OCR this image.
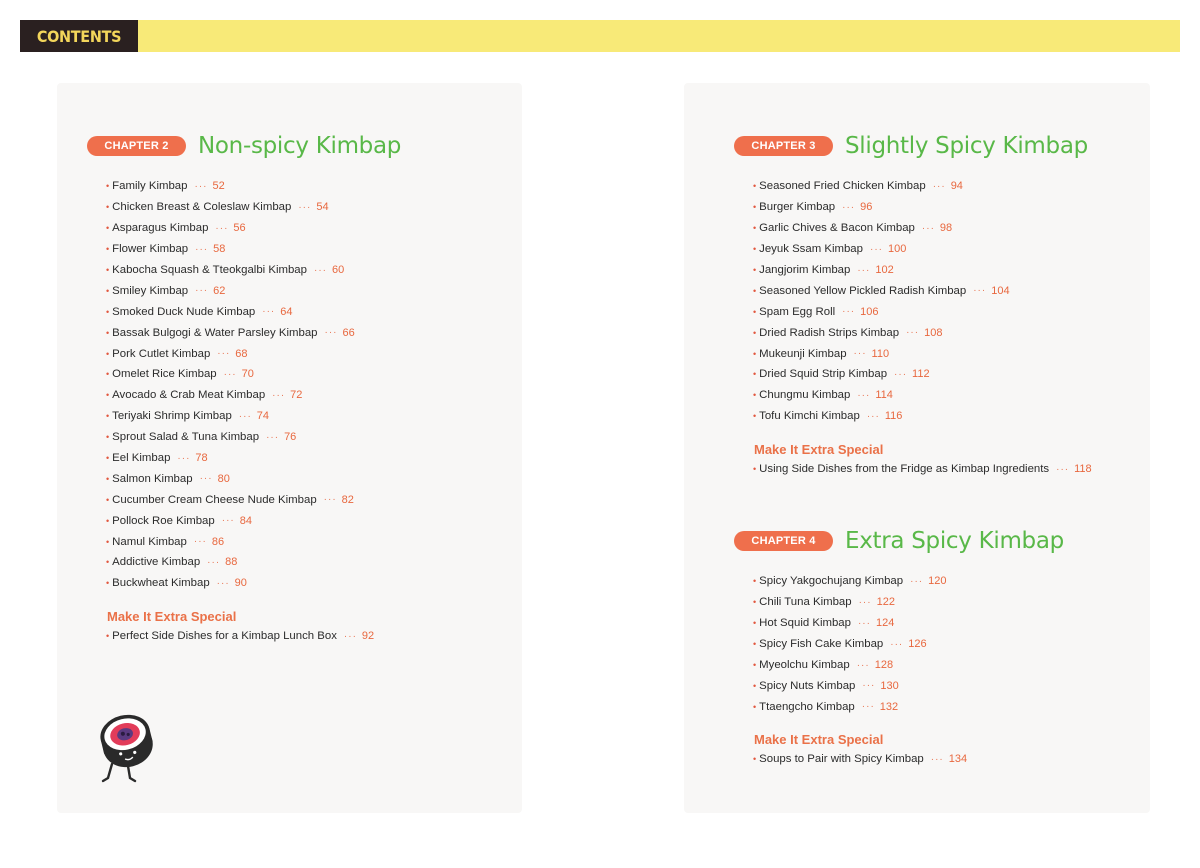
CONTENTS
CHAPTER 2	Non-spicy Kimbap
• Family Kimbap ··· 52
• Chicken Breast & Coleslaw Kimbap ··· 54
• Asparagus Kimbap ··· 56
• Flower Kimbap ··· 58
• Kabocha Squash & Tteokgalbi Kimbap ··· 60
• Smiley Kimbap ··· 62
• Smoked Duck Nude Kimbap ··· 64
• Bassak Bulgogi & Water Parsley Kimbap ··· 66
• Pork Cutlet Kimbap ··· 68
• Omelet Rice Kimbap ··· 70
• Avocado & Crab Meat Kimbap ··· 72
• Teriyaki Shrimp Kimbap ··· 74
• Sprout Salad & Tuna Kimbap ··· 76
• Eel Kimbap ··· 78
• Salmon Kimbap ··· 80
• Cucumber Cream Cheese Nude Kimbap ··· 82
• Pollock Roe Kimbap ··· 84
• Namul Kimbap ··· 86
• Addictive Kimbap ··· 88
• Buckwheat Kimbap ··· 90
Make It Extra Special
• Perfect Side Dishes for a Kimbap Lunch Box ··· 92
CHAPTER 3	Slightly Spicy Kimbap
• Seasoned Fried Chicken Kimbap ··· 94
• Burger Kimbap ··· 96
• Garlic Chives & Bacon Kimbap ··· 98
• Jeyuk Ssam Kimbap ··· 100
• Jangjorim Kimbap ··· 102
• Seasoned Yellow Pickled Radish Kimbap ··· 104
• Spam Egg Roll ··· 106
• Dried Radish Strips Kimbap ··· 108
• Mukeunji Kimbap ··· 110
• Dried Squid Strip Kimbap ··· 112
• Chungmu Kimbap ··· 114
• Tofu Kimchi Kimbap ··· 116
Make It Extra Special
• Using Side Dishes from the Fridge as Kimbap Ingredients ··· 118
CHAPTER 4	Extra Spicy Kimbap
• Spicy Yakgochujang Kimbap ··· 120
• Chili Tuna Kimbap ··· 122
• Hot Squid Kimbap ··· 124
• Spicy Fish Cake Kimbap ··· 126
• Myeolchu Kimbap ··· 128
• Spicy Nuts Kimbap ··· 130
• Ttaengcho Kimbap ··· 132
Make It Extra Special
• Soups to Pair with Spicy Kimbap ··· 134
